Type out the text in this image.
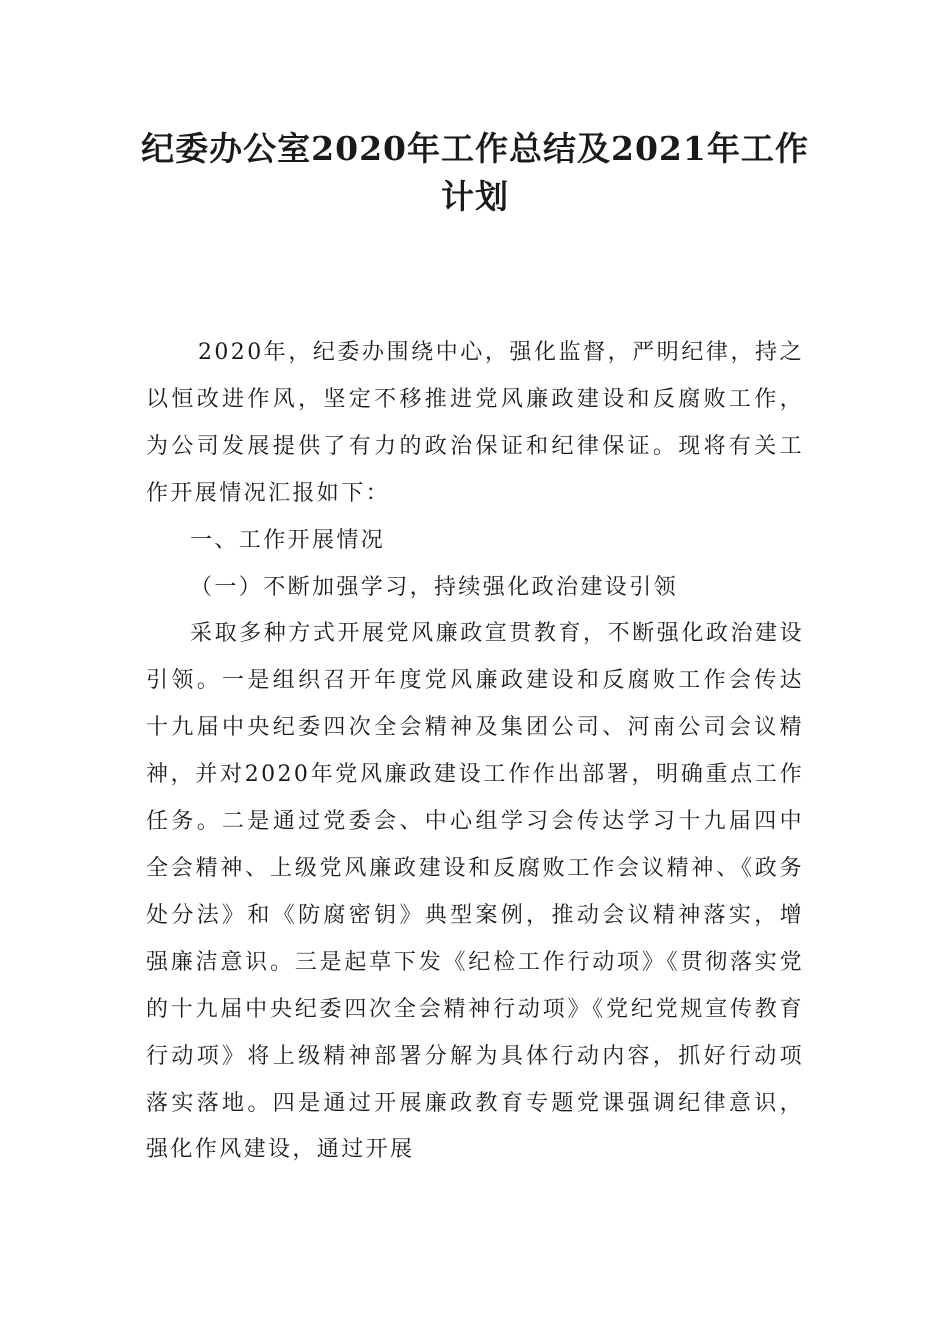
纪委办公室2020年工作总结及2021年工作
计划

2020年，纪委办围绕中心，强化监督，严明纪律，持之以恒改进作风，坚定不移推进党风廉政建设和反腐败工作，为公司发展提供了有力的政治保证和纪律保证。现将有关工作开展情况汇报如下：

一、工作开展情况

（一）不断加强学习，持续强化政治建设引领

采取多种方式开展党风廉政宣贯教育，不断强化政治建设引领。一是组织召开年度党风廉政建设和反腐败工作会传达十九届中央纪委四次全会精神及集团公司、河南公司会议精神，并对2020年党风廉政建设工作作出部署，明确重点工作任务。二是通过党委会、中心组学习会传达学习十九届四中全会精神、上级党风廉政建设和反腐败工作会议精神、《政务处分法》和《防腐密钥》典型案例，推动会议精神落实，增强廉洁意识。三是起草下发《纪检工作行动项》《贯彻落实党的十九届中央纪委四次全会精神行动项》《党纪党规宣传教育行动项》将上级精神部署分解为具体行动内容，抓好行动项落实落地。四是通过开展廉政教育专题党课强调纪律意识，强化作风建设，通过开展
